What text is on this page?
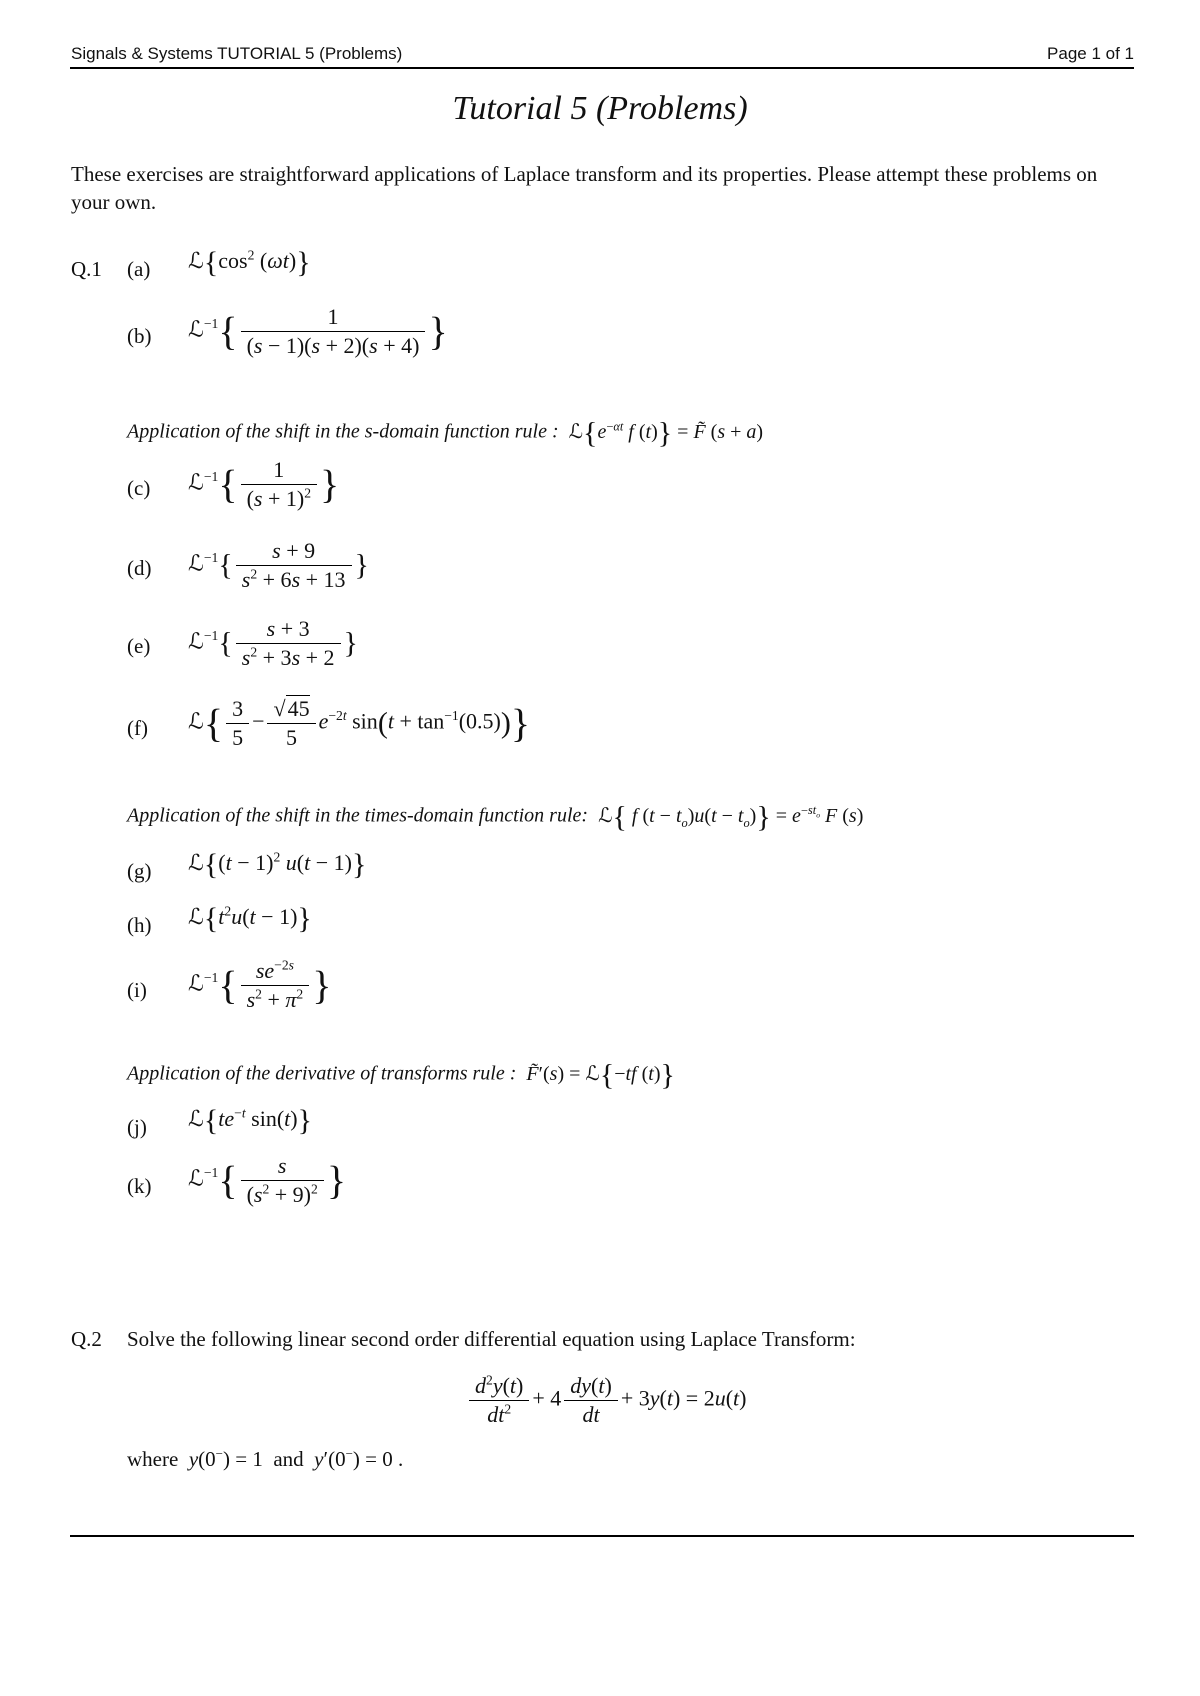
Signals & Systems TUTORIAL 5 (Problems)	Page 1 of 1
Tutorial 5 (Problems)
These exercises are straightforward applications of Laplace transform and its properties. Please attempt these problems on your own.
Q.1 (a) $ℒ\{\cos^2$ (ωt)}
(b) ℒ$^{-1}${ $\frac{1}{(s - 1)(s + 2)(s + 4)}$ }
Application of the shift in the s-domain function rule :  $ℒ\{e^{-\alpha t}$ f (t)} = F̃ (s + a)
(c) ℒ$^{-1}${ $\frac{1}{(s + 1)^2}$ }
(d) ℒ$^{-1}${ $\frac{s + 9}{s^2 + 6s + 13}$ }
(e) ℒ$^{-1}${ $\frac{s + 3}{s^2 + 3s + 2}$ }
(f) ℒ{ $\frac{3}{5} - \frac{√45}{5} e^{-2t}$ $\sin(t + \tan^{-1}(0.5))$}
Application of the shift in the times-domain function rule:  ℒ{ f $(t - t_o)u(t - t_o)\} = e^{-st_o}$ F (s)
(g) ℒ{(t − 1)$^2$ u(t − 1)}
(h) $ℒ\{t^2u(t - 1)\}$
(i) ℒ$^{-1}${ $\frac{se^{-2s}}{s^2 + \pi^2}$ }
Application of the derivative of transforms rule : F̃′(s) = ℒ{−tf (t)}
(j) $ℒ\{te^{-t}$ sin(t)}
(k) ℒ$^{-1}${ $\frac{s}{(s^2 + 9)^2}$ }
Q.2 Solve the following linear second order differential equation using Laplace Transform:
$\frac{d^2y(t)}{dt^2} + 4 \frac{dy(t)}{dt} + 3y(t) = 2u(t)$
where y(0−) = 1  and y′(0−) = 0 .
